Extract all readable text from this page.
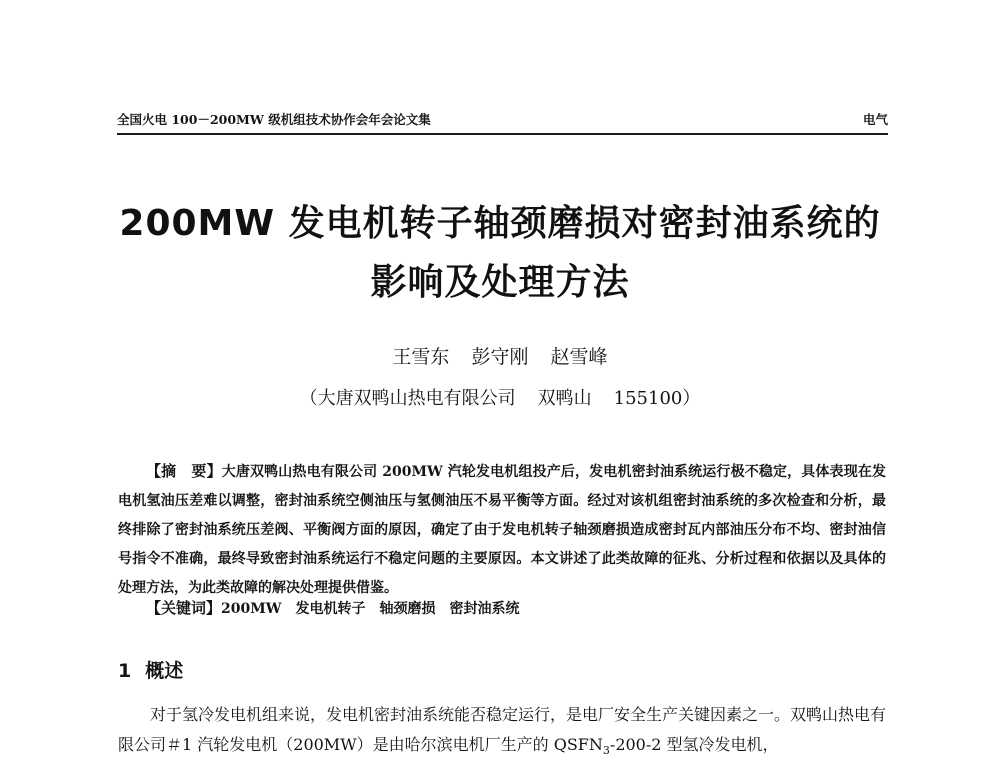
全国火电 100－200MW 级机组技术协作会年会论文集	电气
200MW 发电机转子轴颈磨损对密封油系统的
影响及处理方法
王雪东 彭守刚 赵雪峰
（大唐双鸭山热电有限公司 双鸭山 155100）
【摘　要】大唐双鸭山热电有限公司 200MW 汽轮发电机组投产后，发电机密封油系统运行极不稳定，具体表现在发电机氢油压差难以调整，密封油系统空侧油压与氢侧油压不易平衡等方面。经过对该机组密封油系统的多次检查和分析，最终排除了密封油系统压差阀、平衡阀方面的原因，确定了由于发电机转子轴颈磨损造成密封瓦内部油压分布不均、密封油信号指令不准确，最终导致密封油系统运行不稳定问题的主要原因。本文讲述了此类故障的征兆、分析过程和依据以及具体的处理方法，为此类故障的解决处理提供借鉴。
【关键词】200MW　发电机转子 轴颈磨损 密封油系统
1 概述
对于氢冷发电机组来说，发电机密封油系统能否稳定运行，是电厂安全生产关键因素之一。双鸭山热电有限公司＃1 汽轮发电机（200MW）是由哈尔滨电机厂生产的 $QSFN_3-200-2$ 型氢冷发电机，
